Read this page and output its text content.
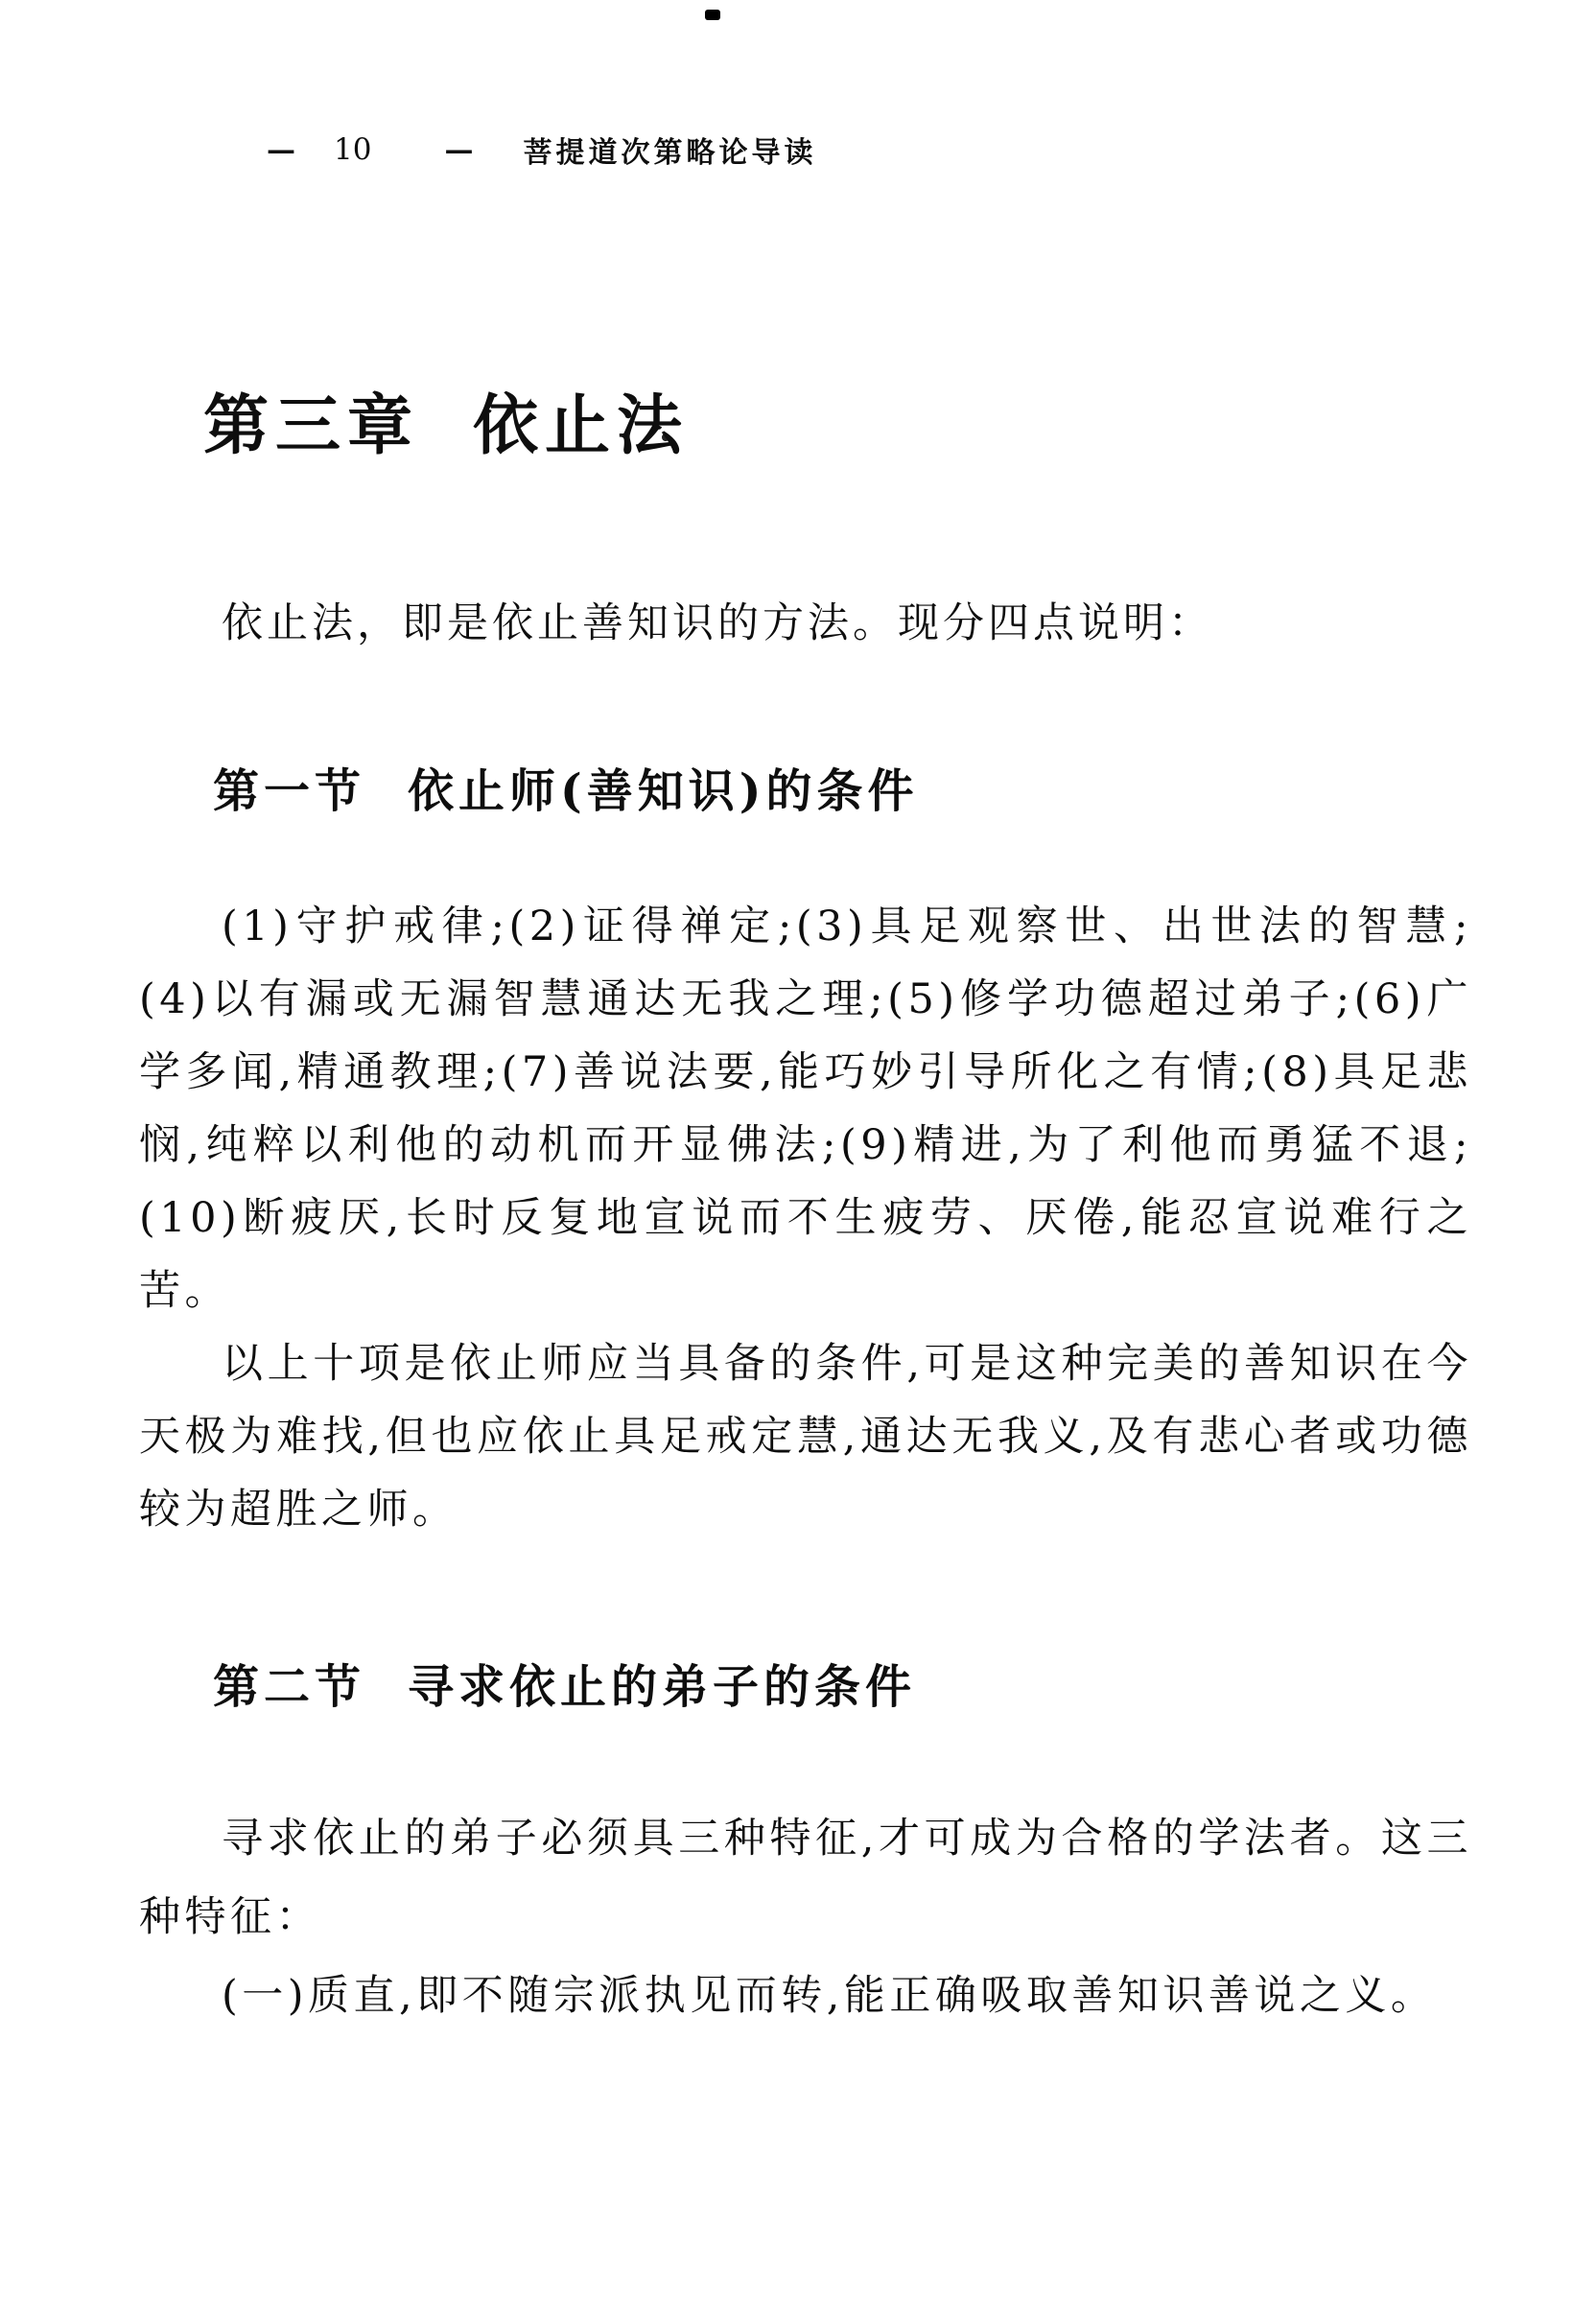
— 10	— 菩提道次第略论导读
第三章 依止法
依止法，即是依止善知识的方法。现分四点说明：
第一节 依止师(善知识)的条件

(1)守护戒律;(2)证得禅定;(3)具足观察世、出世法的智慧;(4)以有漏或无漏智慧通达无我之理;(5)修学功德超过弟子;(6)广学多闻,精通教理;(7)善说法要,能巧妙引导所化之有情;(8)具足悲悯,纯粹以利他的动机而开显佛法;(9)精进,为了利他而勇猛不退;(10)断疲厌,长时反复地宣说而不生疲劳、厌倦,能忍宣说难行之苦。

以上十项是依止师应当具备的条件,可是这种完美的善知识在今天极为难找,但也应依止具足戒定慧,通达无我义,及有悲心者或功德较为超胜之师。

第二节 寻求依止的弟子的条件

寻求依止的弟子必须具三种特征,才可成为合格的学法者。这三种特征：

(一)质直,即不随宗派执见而转,能正确吸取善知识善说之义。
